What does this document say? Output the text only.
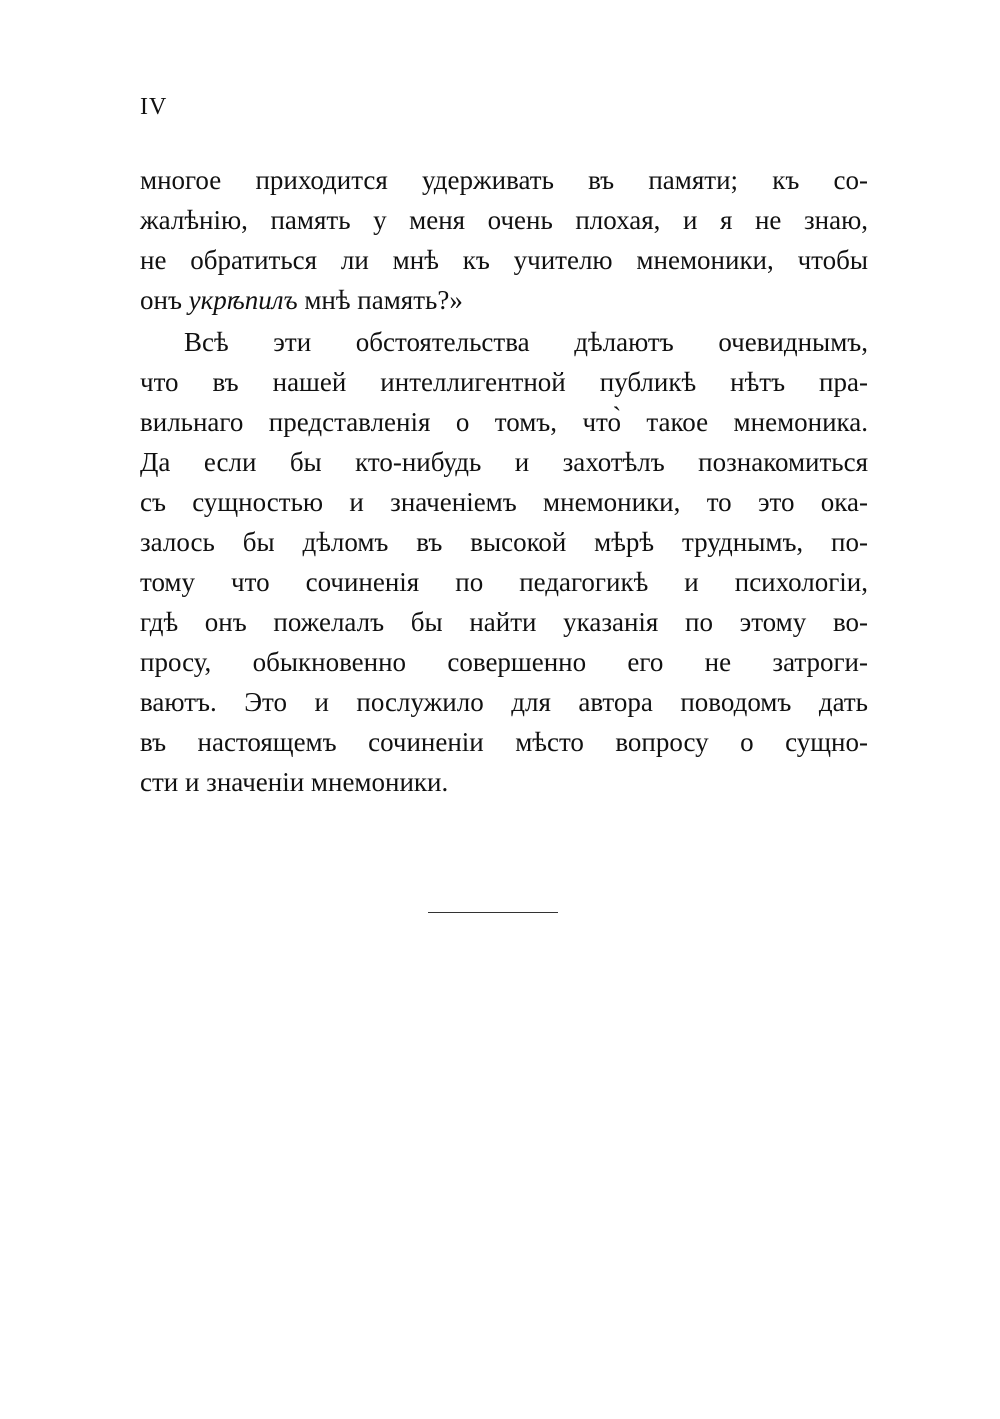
IV
многое приходится удерживать въ памяти; къ со-
жалѣнію, память у меня очень плохая, и я не знаю,
не обратиться ли мнѣ къ учителю мнемоники, чтобы
онъ укрѣпилъ мнѣ память?»
Всѣ эти обстоятельства дѣлаютъ очевиднымъ,
что въ нашей интеллигентной публикѣ нѣтъ пра-
вильнаго представленія о томъ, что̀ такое мнемоника.
Да если бы кто-нибудь и захотѣлъ познакомиться
съ сущностью и значеніемъ мнемоники, то это ока-
залось бы дѣломъ въ высокой мѣрѣ труднымъ, по-
тому что сочиненія по педагогикѣ и психологіи,
гдѣ онъ пожелалъ бы найти указанія по этому во-
просу, обыкновенно совершенно его не затроги-
ваютъ. Это и послужило для автора поводомъ дать
въ настоящемъ сочиненіи мѣсто вопросу о сущно-
сти и значеніи мнемоники.
